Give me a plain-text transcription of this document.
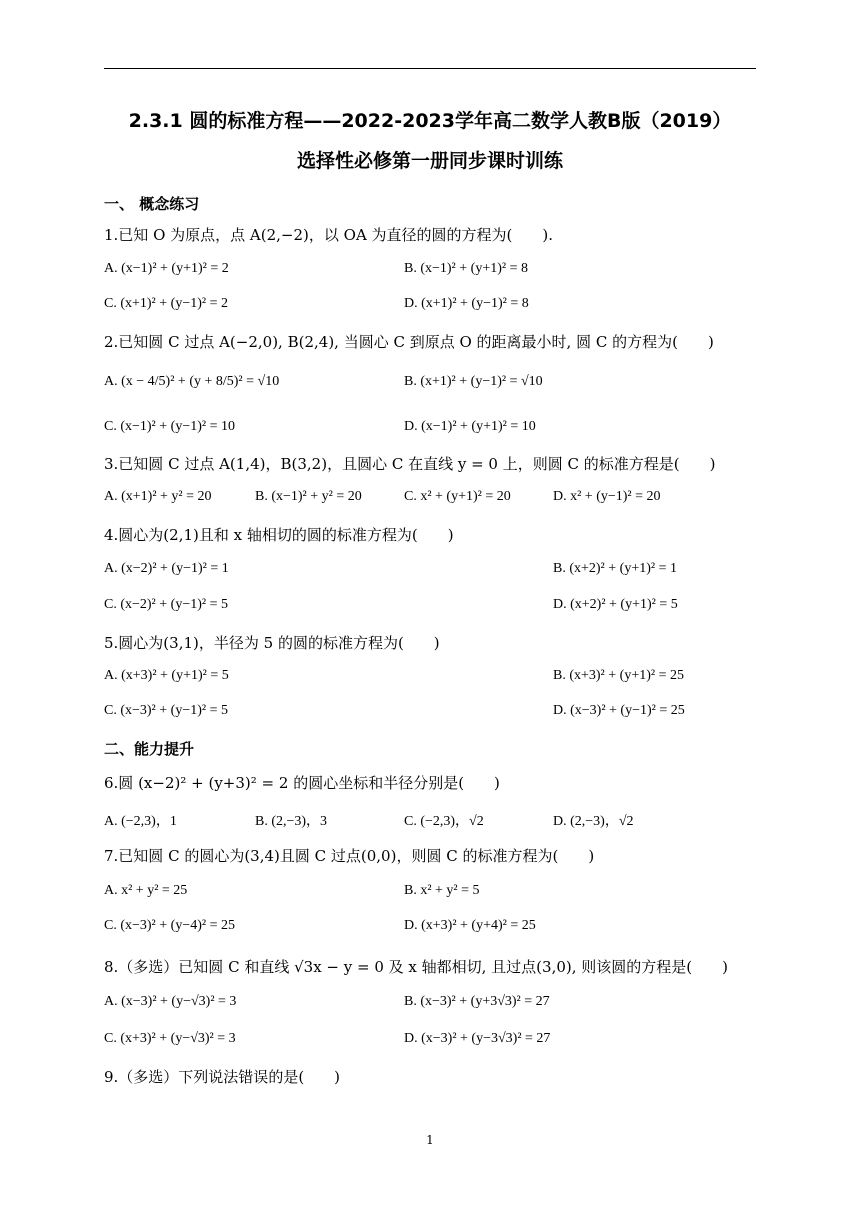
2.3.1 圆的标准方程——2022-2023学年高二数学人教B版（2019）
选择性必修第一册同步课时训练
一、 概念练习
1.已知 O 为原点，点 A(2,−2)，以 OA 为直径的圆的方程为(　　).
A. (x−1)² + (y+1)² = 2	B. (x−1)² + (y+1)² = 8
C. (x+1)² + (y−1)² = 2	D. (x+1)² + (y−1)² = 8
2.已知圆 C 过点 A(−2,0), B(2,4), 当圆心 C 到原点 O 的距离最小时, 圆 C 的方程为(　　)
A. (x − 4/5)² + (y + 8/5)² = √10	B. (x+1)² + (y−1)² = √10
C. (x−1)² + (y−1)² = 10	D. (x−1)² + (y+1)² = 10
3.已知圆 C 过点 A(1,4)，B(3,2)，且圆心 C 在直线 y = 0 上，则圆 C 的标准方程是(　　)
A. (x+1)² + y² = 20	B. (x−1)² + y² = 20	C. x² + (y+1)² = 20	D. x² + (y−1)² = 20
4.圆心为(2,1)且和 x 轴相切的圆的标准方程为(　　)
A. (x−2)² + (y−1)² = 1	B. (x+2)² + (y+1)² = 1
C. (x−2)² + (y−1)² = 5	D. (x+2)² + (y+1)² = 5
5.圆心为(3,1)，半径为 5 的圆的标准方程为(　　)
A. (x+3)² + (y+1)² = 5	B. (x+3)² + (y+1)² = 25
C. (x−3)² + (y−1)² = 5	D. (x−3)² + (y−1)² = 25
二、能力提升
6.圆 (x−2)² + (y+3)² = 2 的圆心坐标和半径分别是(　　)
A. (−2,3)，1	B. (2,−3)，3	C. (−2,3)，√2	D. (2,−3)，√2
7.已知圆 C 的圆心为(3,4)且圆 C 过点(0,0)，则圆 C 的标准方程为(　　)
A. x² + y² = 25	B. x² + y² = 5
C. (x−3)² + (y−4)² = 25	D. (x+3)² + (y+4)² = 25
8.（多选）已知圆 C 和直线 √3x − y = 0 及 x 轴都相切, 且过点(3,0), 则该圆的方程是(　　)
A. (x−3)² + (y−√3)² = 3	B. (x−3)² + (y+3√3)² = 27
C. (x+3)² + (y−√3)² = 3	D. (x−3)² + (y−3√3)² = 27
9.（多选）下列说法错误的是(　　)
1
